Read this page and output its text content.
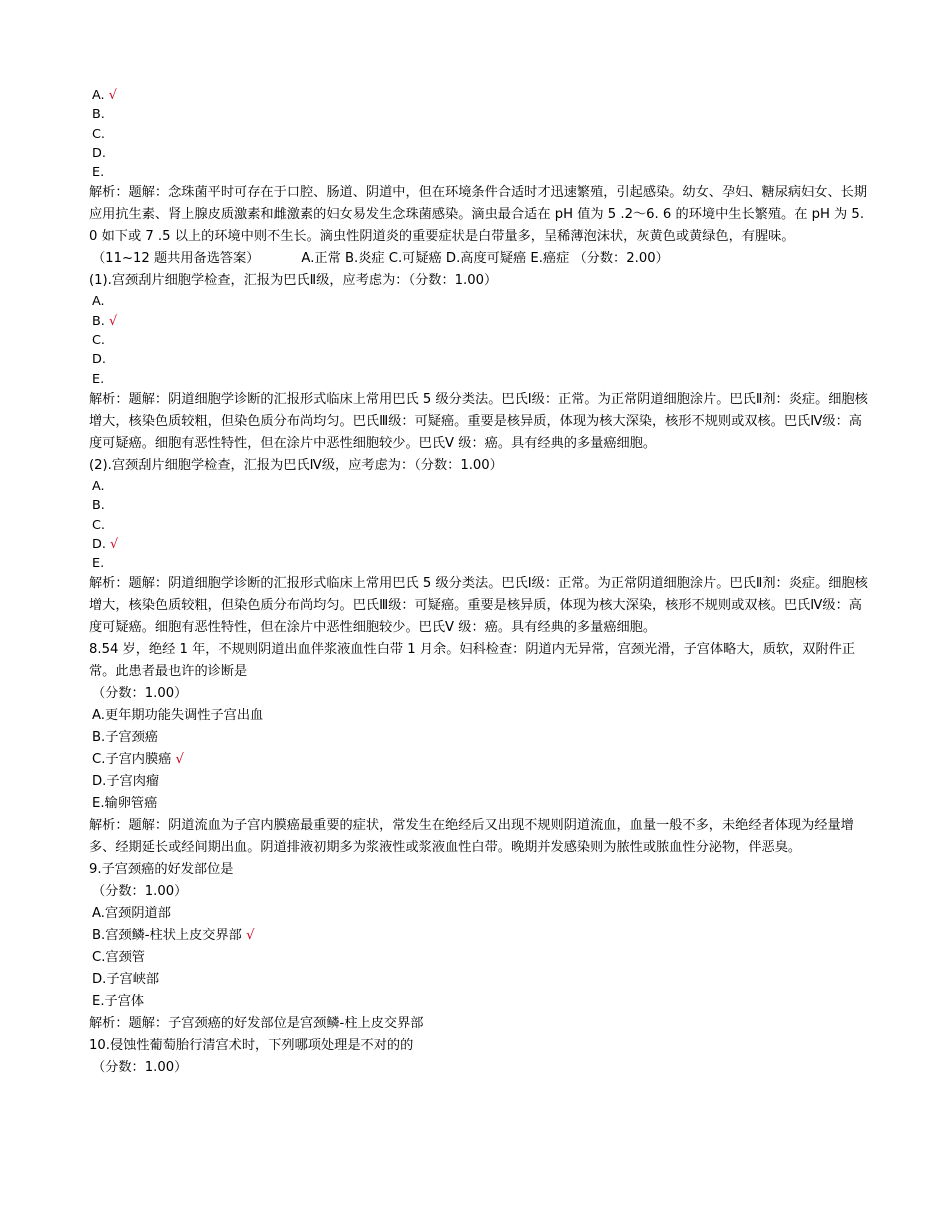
A. √
B.
C.
D.
E.
解析：题解：念珠菌平时可存在于口腔、肠道、阴道中，但在环境条件合适时才迅速繁殖，引起感染。幼女、孕妇、糖尿病妇女、长期应用抗生素、肾上腺皮质激素和雌激素的妇女易发生念珠菌感染。滴虫最合适在 pH 值为 5 .2～6. 6 的环境中生长繁殖。在 pH 为 5. 0 如下或 7 .5 以上的环境中则不生长。滴虫性阴道炎的重要症状是白带量多，呈稀薄泡沫状，灰黄色或黄绿色，有腥味。
（11~12 题共用备选答案）          A.正常 B.炎症 C.可疑癌 D.高度可疑癌 E.癌症 （分数：2.00）
(1).宫颈刮片细胞学检查，汇报为巴氏Ⅱ级，应考虑为：（分数：1.00）
A.
B. √
C.
D.
E.
解析：题解：阴道细胞学诊断的汇报形式临床上常用巴氏 5 级分类法。巴氏Ⅰ级：正常。为正常阴道细胞涂片。巴氏Ⅱ剂：炎症。细胞核增大，核染色质较粗，但染色质分布尚均匀。巴氏Ⅲ级：可疑癌。重要是核异质，体现为核大深染，核形不规则或双核。巴氏Ⅳ级：高度可疑癌。细胞有恶性特性，但在涂片中恶性细胞较少。巴氏Ⅴ 级：癌。具有经典的多量癌细胞。
(2).宫颈刮片细胞学检查，汇报为巴氏Ⅳ级，应考虑为：（分数：1.00）
A.
B.
C.
D. √
E.
解析：题解：阴道细胞学诊断的汇报形式临床上常用巴氏 5 级分类法。巴氏Ⅰ级：正常。为正常阴道细胞涂片。巴氏Ⅱ剂：炎症。细胞核增大，核染色质较粗，但染色质分布尚均匀。巴氏Ⅲ级：可疑癌。重要是核异质，体现为核大深染，核形不规则或双核。巴氏Ⅳ级：高度可疑癌。细胞有恶性特性，但在涂片中恶性细胞较少。巴氏Ⅴ 级：癌。具有经典的多量癌细胞。
8.54 岁，绝经 1 年，不规则阴道出血伴浆液血性白带 1 月余。妇科检查：阴道内无异常，宫颈光滑，子宫体略大，质软，双附件正常。此患者最也许的诊断是
（分数：1.00）
A.更年期功能失调性子宫出血
B.子宫颈癌
C.子宫内膜癌 √
D.子宫肉瘤
E.输卵管癌
解析：题解：阴道流血为子宫内膜癌最重要的症状，常发生在绝经后又出现不规则阴道流血，血量一般不多，未绝经者体现为经量增多、经期延长或经间期出血。阴道排液初期多为浆液性或浆液血性白带。晚期并发感染则为脓性或脓血性分泌物，伴恶臭。
9.子宫颈癌的好发部位是
（分数：1.00）
A.宫颈阴道部
B.宫颈鳞-柱状上皮交界部 √
C.宫颈管
D.子宫峡部
E.子宫体
解析：题解：子宫颈癌的好发部位是宫颈鳞-柱上皮交界部
10.侵蚀性葡萄胎行清宫术时，下列哪项处理是不对的的
（分数：1.00）
